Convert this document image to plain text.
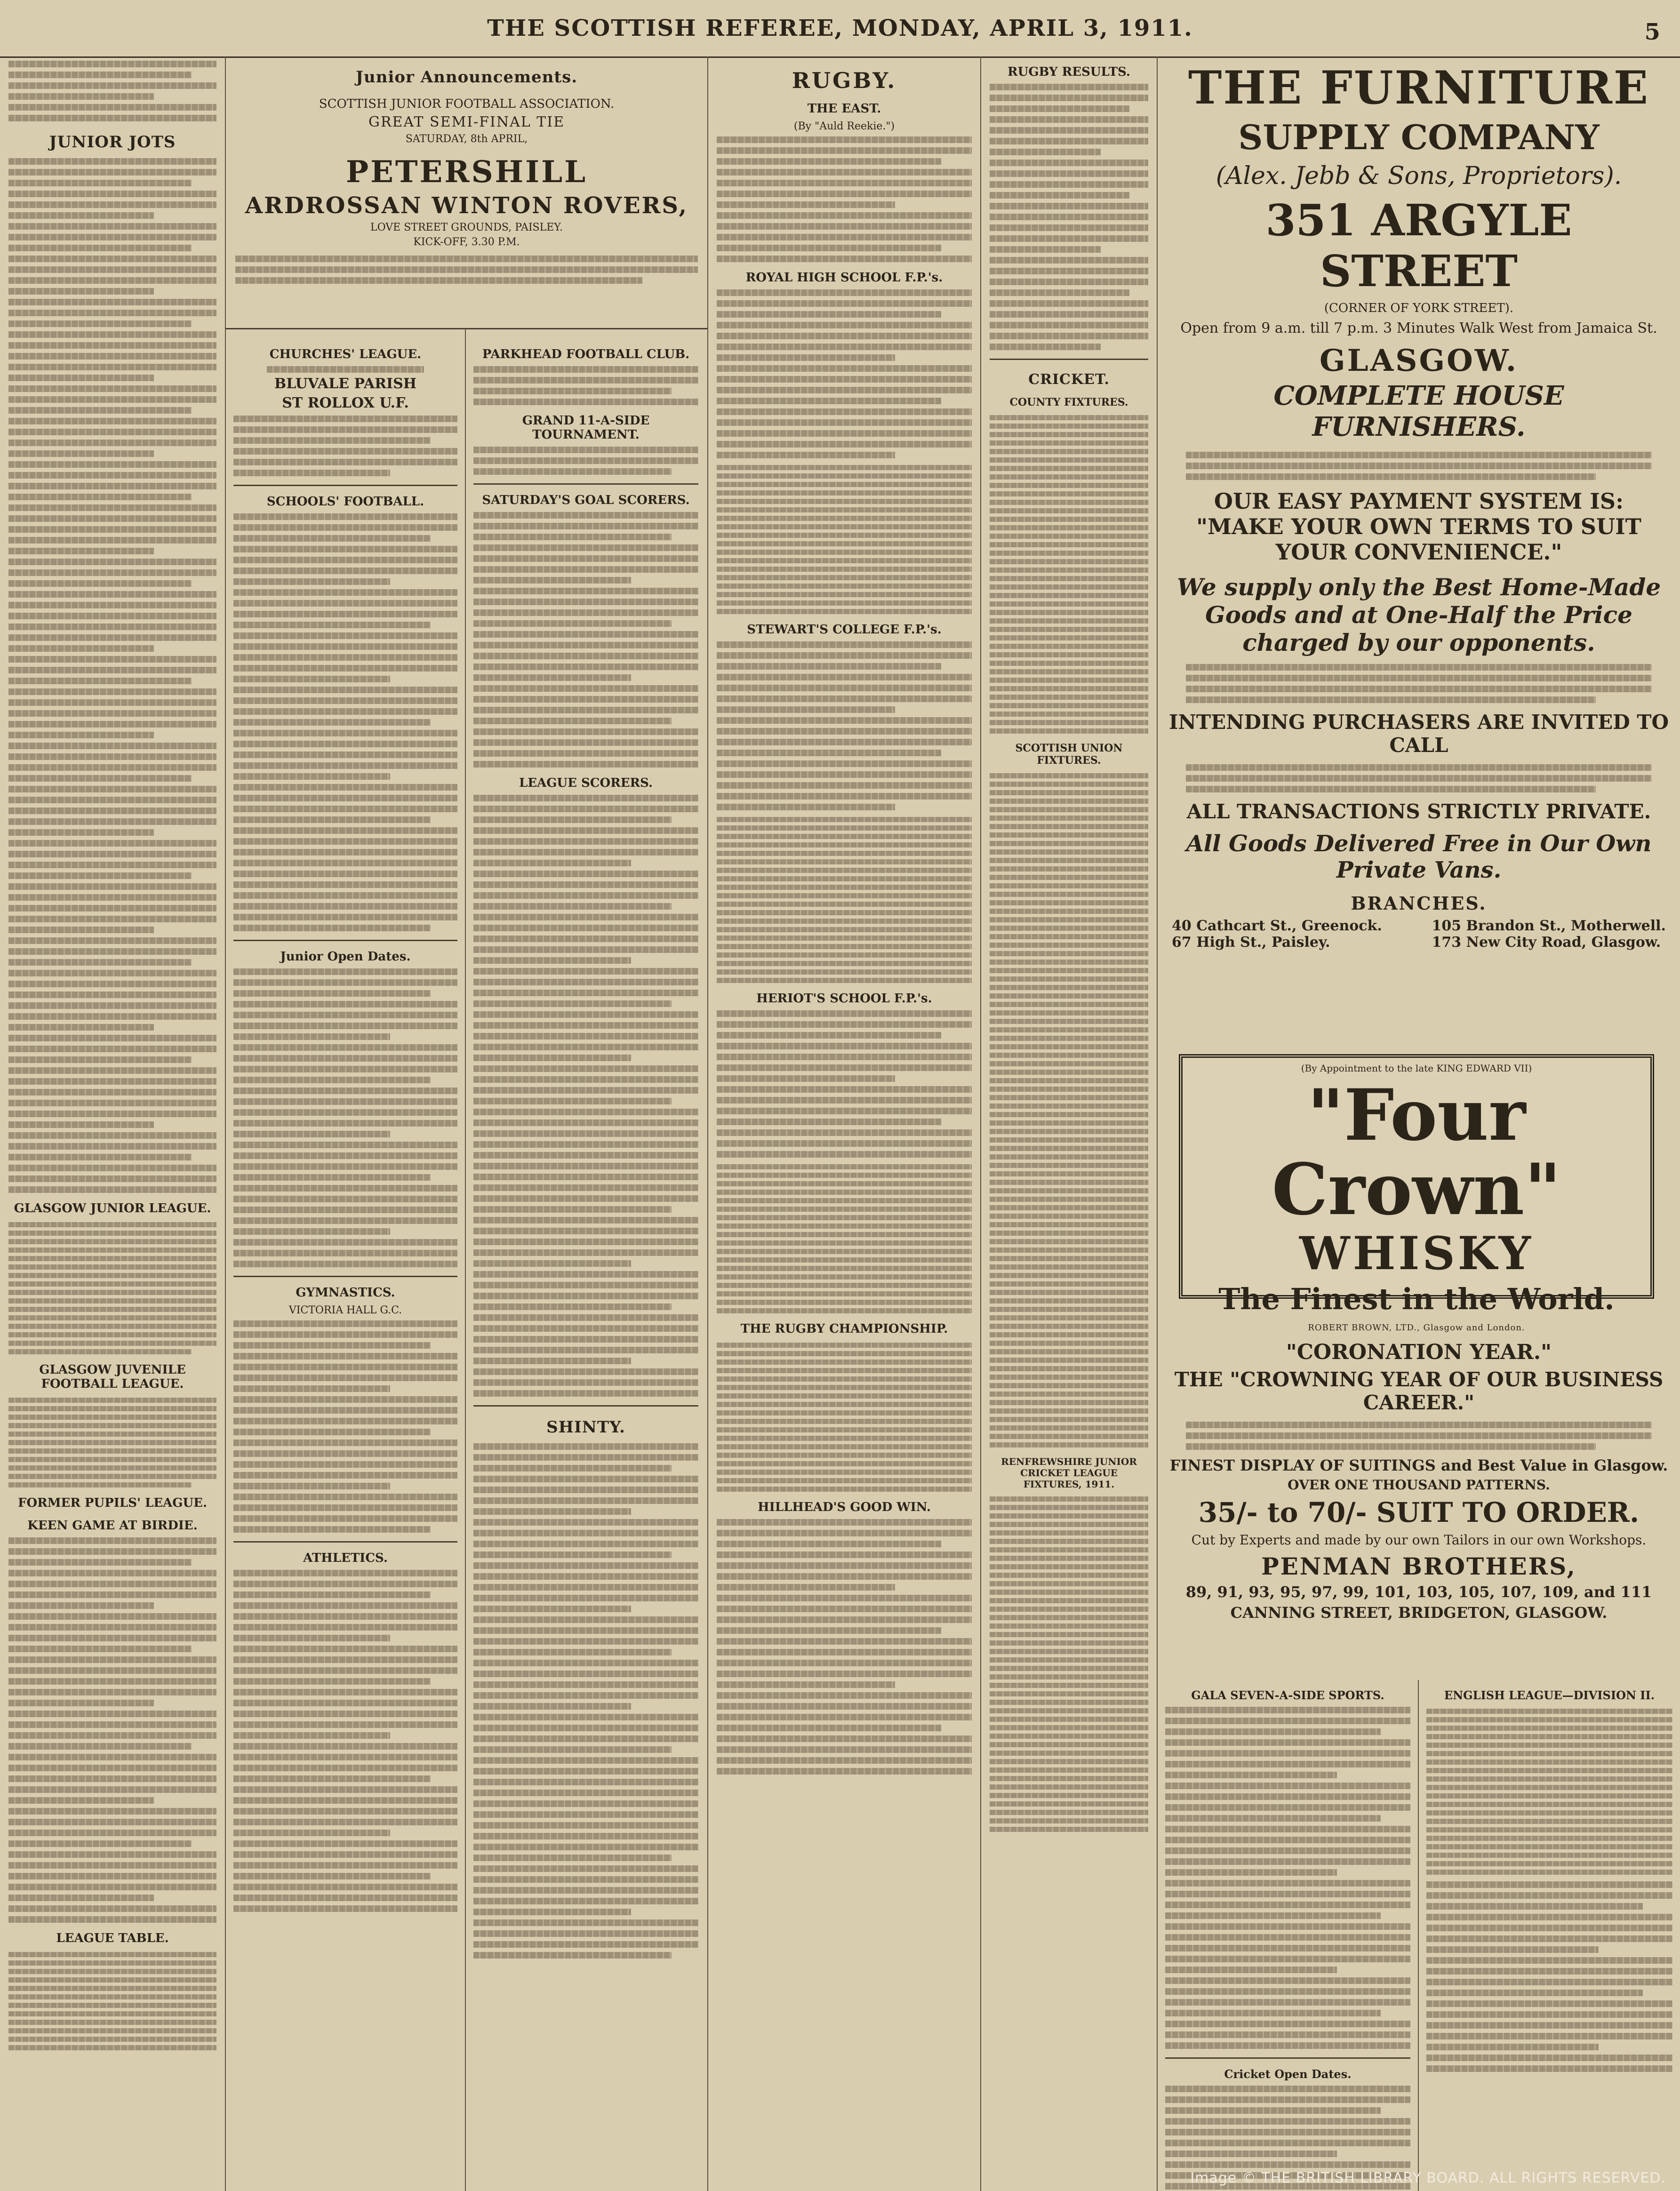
THE SCOTTISH REFEREE, MONDAY, APRIL 3, 1911.	5
JUNIOR JOTS
GLASGOW JUNIOR LEAGUE.
GLASGOW JUVENILE FOOTBALL LEAGUE.
FORMER PUPILS' LEAGUE.
KEEN GAME AT BIRDIE.
LEAGUE TABLE.
Junior Announcements.
SCOTTISH JUNIOR FOOTBALL ASSOCIATION.
GREAT SEMI-FINAL TIE
SATURDAY, 8th APRIL,
PETERSHILL
ARDROSSAN WINTON ROVERS,
LOVE STREET GROUNDS, PAISLEY.
KICK-OFF, 3.30 P.M.
CHURCHES' LEAGUE.
BLUVALE PARISH
ST ROLLOX U.F.
SCHOOLS' FOOTBALL.
Junior Open Dates.
GYMNASTICS.
VICTORIA HALL G.C.
ATHLETICS.
PARKHEAD FOOTBALL CLUB.
GRAND 11-A-SIDE TOURNAMENT.
SATURDAY'S GOAL SCORERS.
LEAGUE SCORERS.
SHINTY.
RUGBY.
THE EAST.
(By "Auld Reekie.")
ROYAL HIGH SCHOOL F.P.'s.
STEWART'S COLLEGE F.P.'s.
HERIOT'S SCHOOL F.P.'s.
THE RUGBY CHAMPIONSHIP.
HILLHEAD'S GOOD WIN.
RUGBY RESULTS.
CRICKET.
COUNTY FIXTURES.
SCOTTISH UNION FIXTURES.
RENFREWSHIRE JUNIOR CRICKET LEAGUE FIXTURES, 1911.
THE FURNITURE
SUPPLY COMPANY
(Alex. Jebb & Sons, Proprietors).
351 ARGYLE STREET
(CORNER OF YORK STREET).
Open from 9 a.m. till 7 p.m. 3 Minutes Walk West from Jamaica St.
GLASGOW.
COMPLETE HOUSE FURNISHERS.
OUR EASY PAYMENT SYSTEM IS: "MAKE YOUR OWN TERMS TO SUIT YOUR CONVENIENCE."
We supply only the Best Home-Made Goods and at One-Half the Price charged by our opponents.
INTENDING PURCHASERS ARE INVITED TO CALL
ALL TRANSACTIONS STRICTLY PRIVATE.
All Goods Delivered Free in Our Own Private Vans.
BRANCHES.
40 Cathcart St., Greenock.
67 High St., Paisley.
105 Brandon St., Motherwell.
173 New City Road, Glasgow.
(By Appointment to the late KING EDWARD VII)
"Four Crown"
WHISKY
The Finest in the World.
ROBERT BROWN, LTD., Glasgow and London.
"CORONATION YEAR."
THE "CROWNING YEAR OF OUR BUSINESS CAREER."
FINEST DISPLAY OF SUITINGS and Best Value in Glasgow.
OVER ONE THOUSAND PATTERNS.
35/- to 70/- SUIT TO ORDER.
Cut by Experts and made by our own Tailors in our own Workshops.
PENMAN BROTHERS,
89, 91, 93, 95, 97, 99, 101, 103, 105, 107, 109, and 111
CANNING STREET, BRIDGETON, GLASGOW.
GALA SEVEN-A-SIDE SPORTS.
Cricket Open Dates.
ENGLISH LEAGUE—DIVISION II.
Image © THE BRITISH LIBRARY BOARD. ALL RIGHTS RESERVED.
